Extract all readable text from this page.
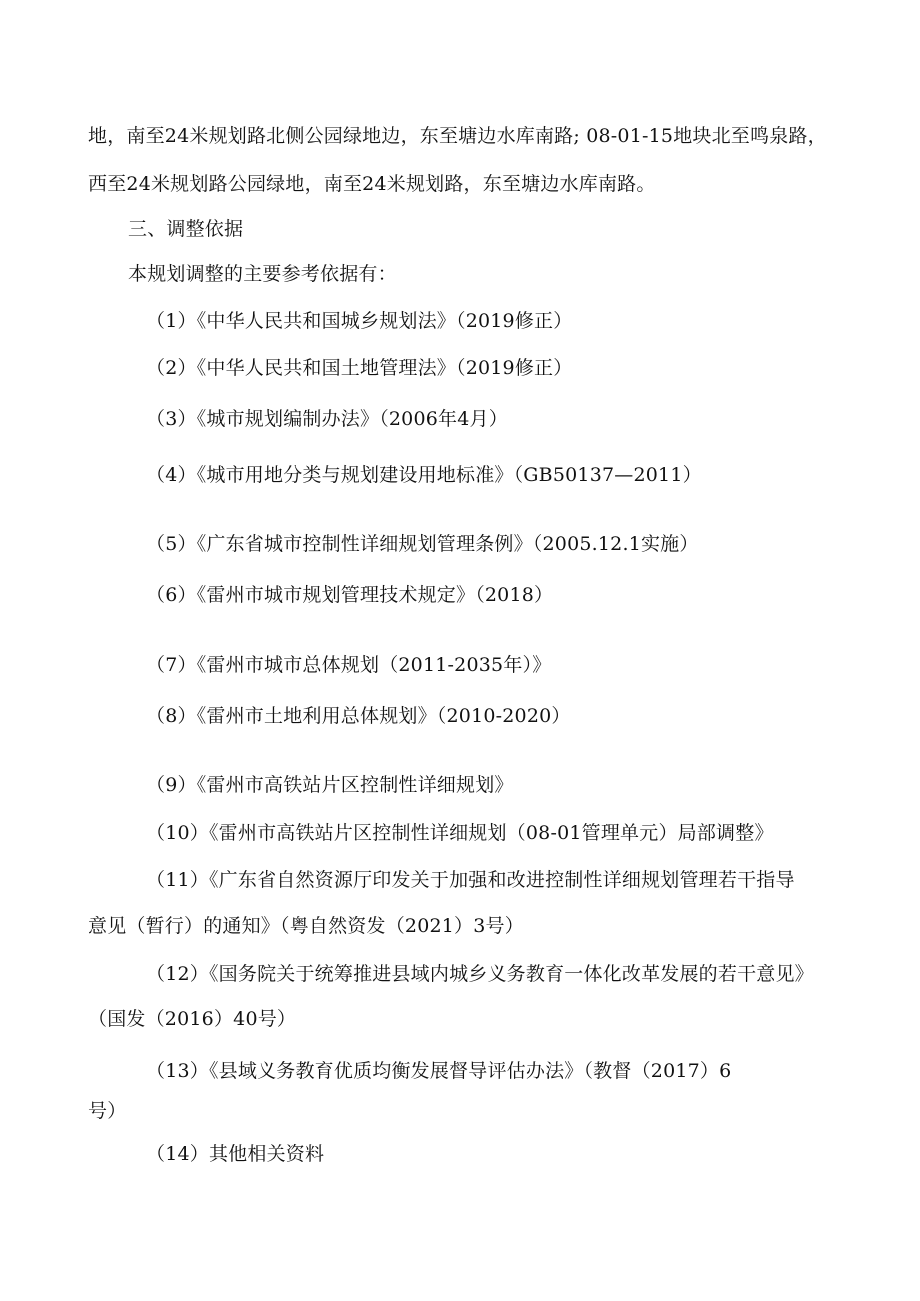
地，南至24米规划路北侧公园绿地边，东至塘边水库南路; 08-01-15地块北至鸣泉路，
西至24米规划路公园绿地，南至24米规划路，东至塘边水库南路。
三、调整依据
本规划调整的主要参考依据有：
（1）《中华人民共和国城乡规划法》（2019修正）
（2）《中华人民共和国土地管理法》（2019修正）
（3）《城市规划编制办法》（2006年4月）
（4）《城市用地分类与规划建设用地标准》（GB50137—2011）
（5）《广东省城市控制性详细规划管理条例》（2005.12.1实施）
（6）《雷州市城市规划管理技术规定》（2018）
（7）《雷州市城市总体规划（2011-2035年）》
（8）《雷州市土地利用总体规划》（2010-2020）
（9）《雷州市高铁站片区控制性详细规划》
（10）《雷州市高铁站片区控制性详细规划（08-01管理单元）局部调整》
（11）《广东省自然资源厅印发关于加强和改进控制性详细规划管理若干指导
意见（暂行）的通知》（粤自然资发（2021）3号）
（12）《国务院关于统筹推进县域内城乡义务教育一体化改革发展的若干意见》
（国发（2016）40号）
（13）《县域义务教育优质均衡发展督导评估办法》（教督（2017）6
号）
（14）其他相关资料
